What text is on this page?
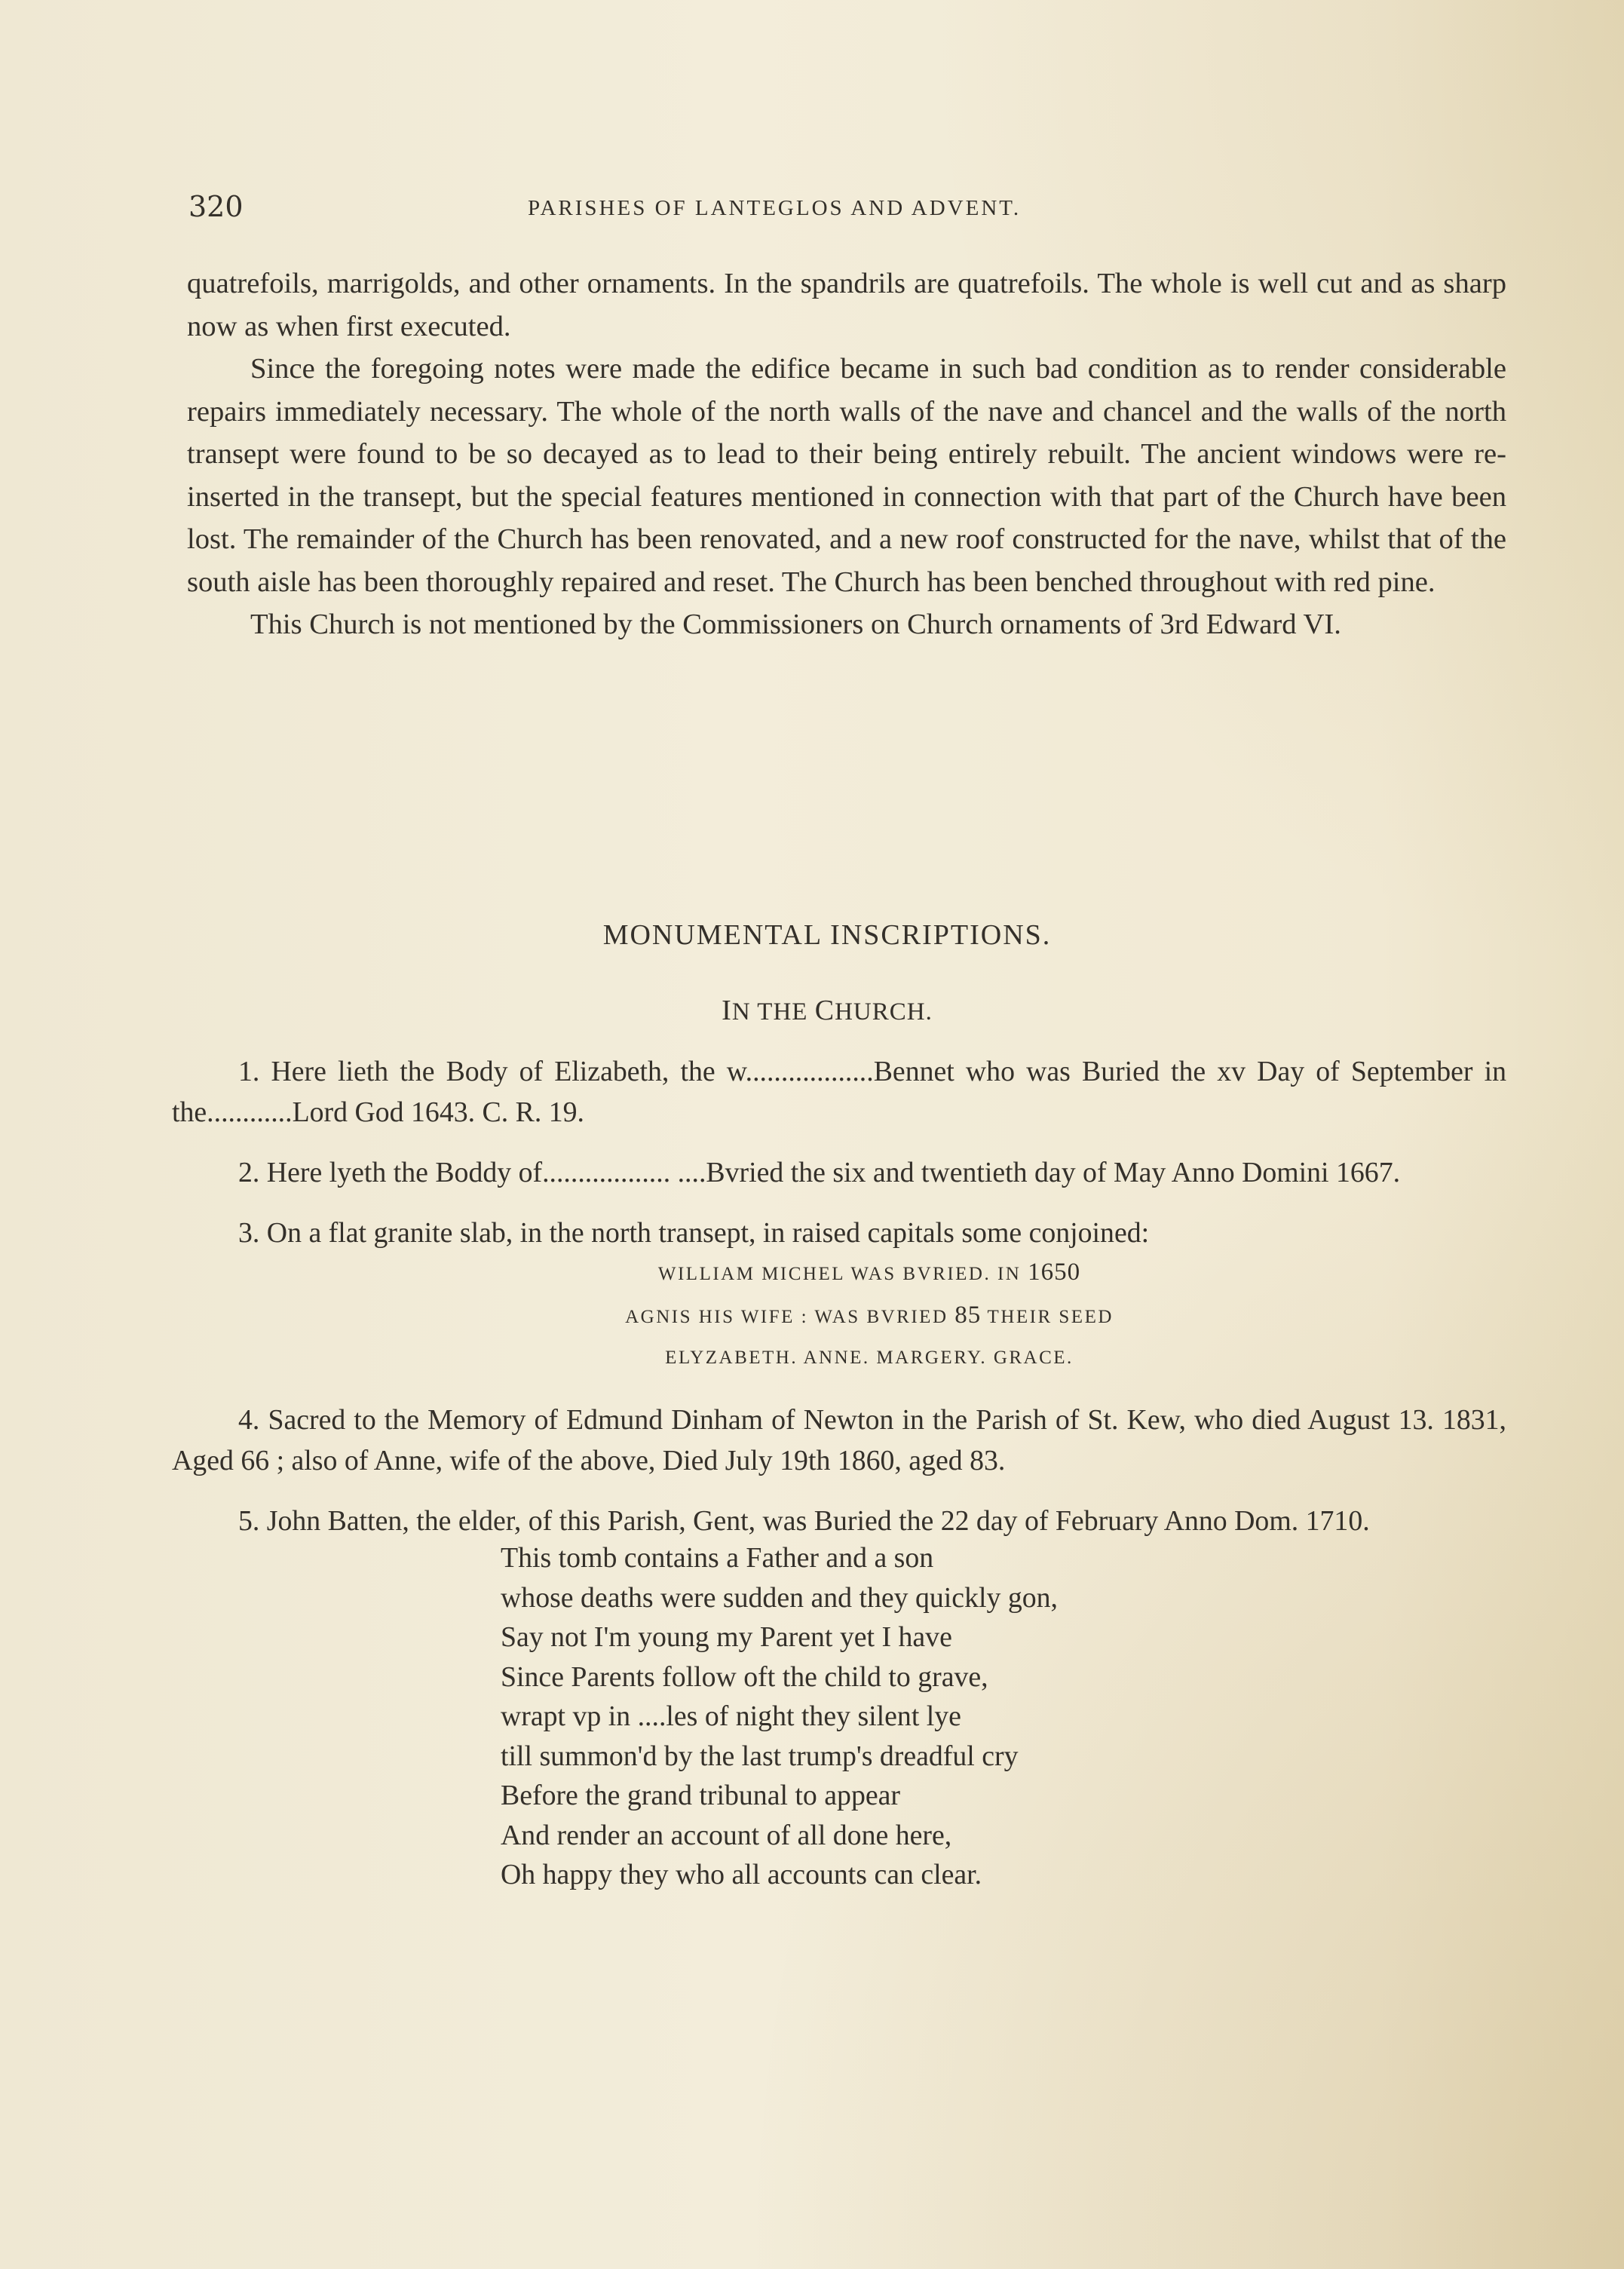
320	PARISHES OF LANTEGLOS AND ADVENT.

quatrefoils, marrigolds, and other ornaments. In the spandrils are quatrefoils. The whole is well cut and as sharp now as when first executed.

Since the foregoing notes were made the edifice became in such bad condition as to render considerable repairs immediately necessary. The whole of the north walls of the nave and chancel and the walls of the north transept were found to be so decayed as to lead to their being entirely rebuilt. The ancient windows were re-inserted in the transept, but the special features mentioned in connection with that part of the Church have been lost. The remainder of the Church has been renovated, and a new roof constructed for the nave, whilst that of the south aisle has been thoroughly repaired and reset. The Church has been benched throughout with red pine.

This Church is not mentioned by the Commissioners on Church ornaments of 3rd Edward VI.

MONUMENTAL INSCRIPTIONS.
IN THE CHURCH.

1. Here lieth the Body of Elizabeth, the w..................Bennet who was Buried the xv Day of September in the............Lord God 1643. C. R. 19.

2. Here lyeth the Boddy of.................. ....Bvried the six and twentieth day of May Anno Domini 1667.

3. On a flat granite slab, in the north transept, in raised capitals some conjoined:

WILLIAM MICHEL WAS BVRIED. IN 1650
AGNIS HIS WIFE : WAS BVRIED 85 THEIR SEED
ELYZABETH. ANNE. MARGERY. GRACE.

4. Sacred to the Memory of Edmund Dinham of Newton in the Parish of St. Kew, who died August 13. 1831, Aged 66 ; also of Anne, wife of the above, Died July 19th 1860, aged 83.

5. John Batten, the elder, of this Parish, Gent, was Buried the 22 day of February Anno Dom. 1710.

This tomb contains a Father and a son
whose deaths were sudden and they quickly gon,
Say not I'm young my Parent yet I have
Since Parents follow oft the child to grave,
wrapt vp in ....les of night they silent lye
till summon'd by the last trump's dreadful cry
Before the grand tribunal to appear
And render an account of all done here,
Oh happy they who all accounts can clear.
